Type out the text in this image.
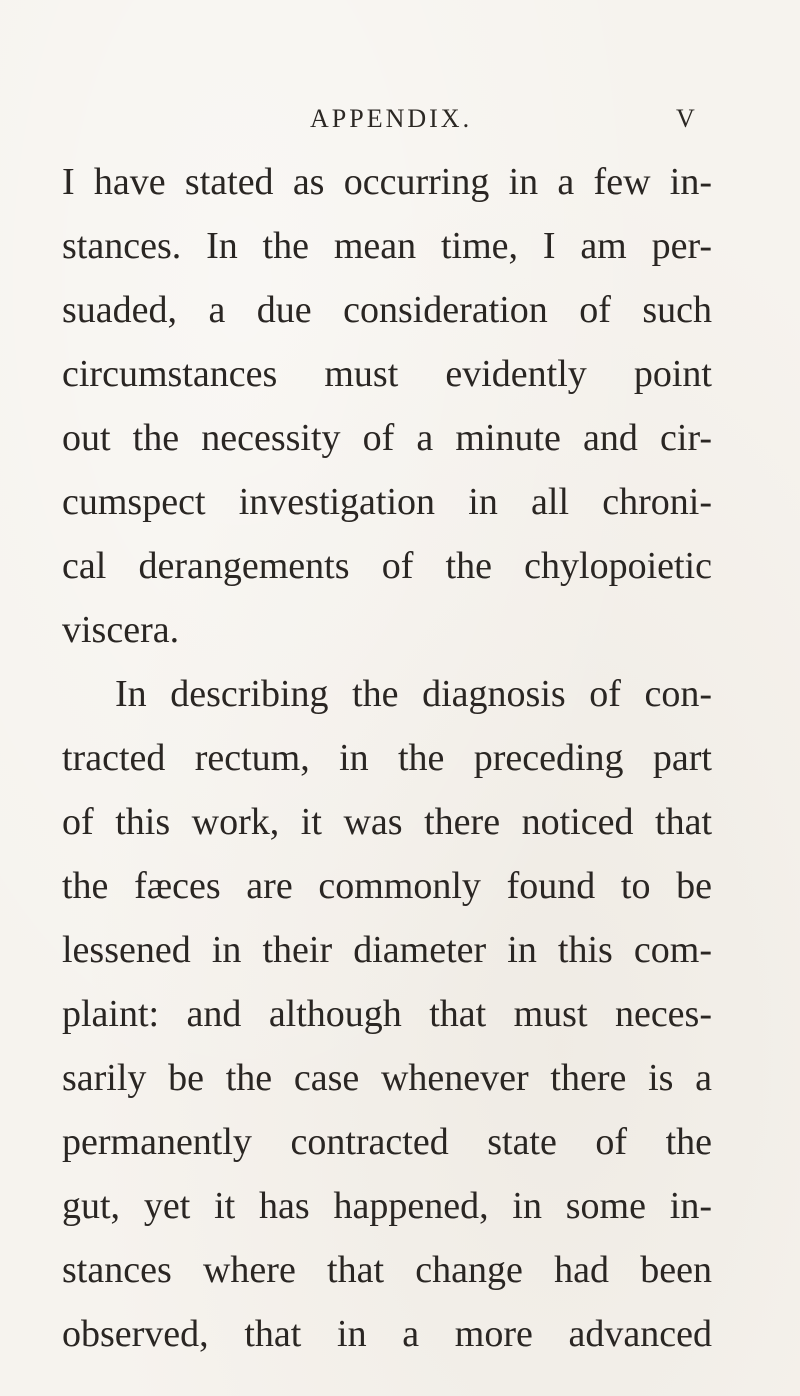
APPENDIX.	V
I have stated as occurring in a few in-
stances. In the mean time, I am per-
suaded, a due consideration of such
circumstances must evidently point
out the necessity of a minute and cir-
cumspect investigation in all chroni-
cal derangements of the chylopoietic
viscera.
In describing the diagnosis of con-
tracted rectum, in the preceding part
of this work, it was there noticed that
the fæces are commonly found to be
lessened in their diameter in this com-
plaint: and although that must neces-
sarily be the case whenever there is a
permanently contracted state of the
gut, yet it has happened, in some in-
stances where that change had been
observed, that in a more advanced
